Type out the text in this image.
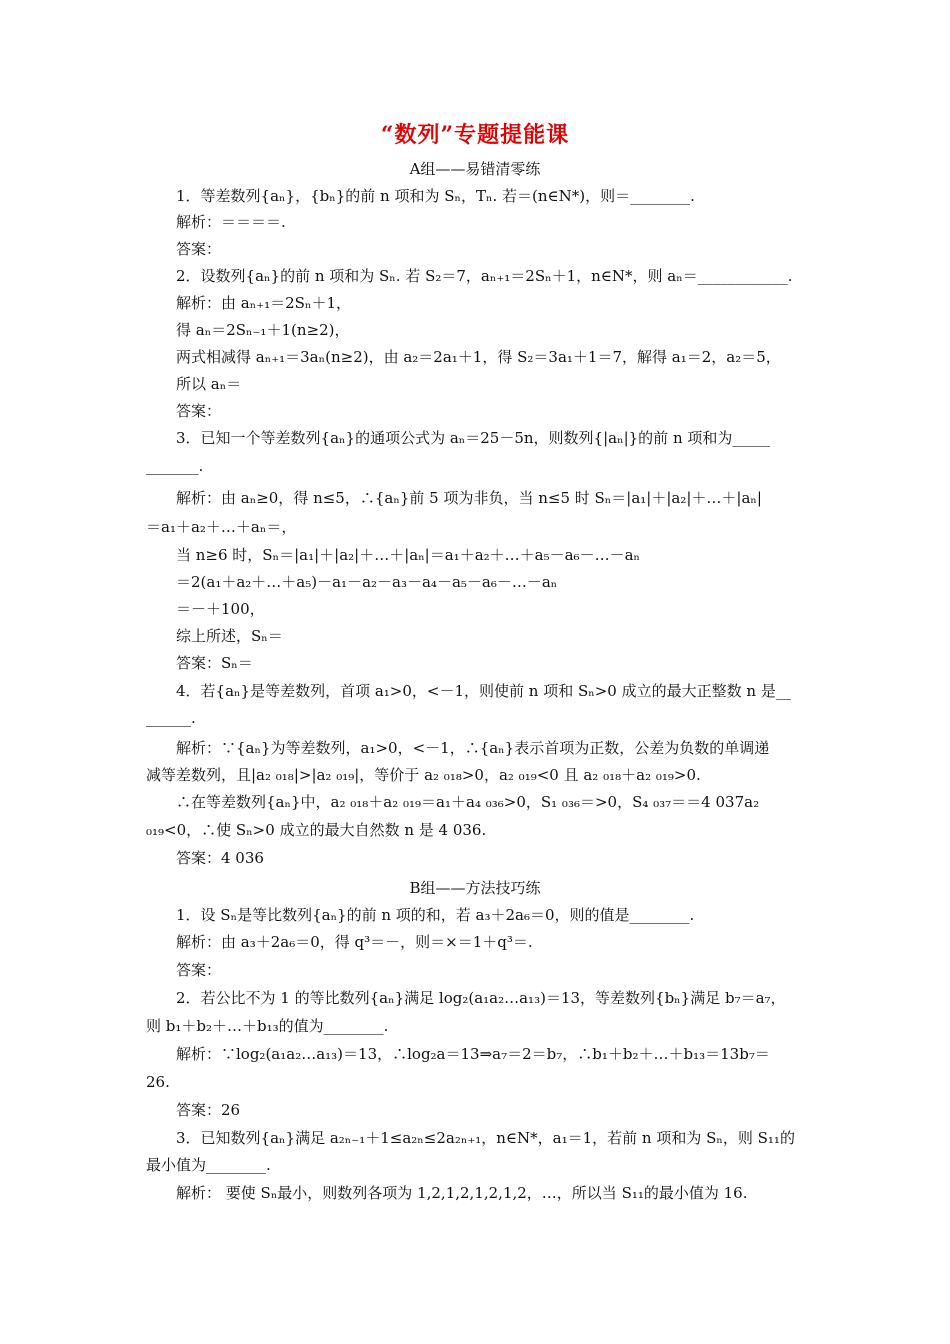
“数列”专题提能课
A组——易错清零练
B组——方法技巧练
1．等差数列{aₙ}，{bₙ}的前 n 项和为 Sₙ，Tₙ. 若＝(n∈N*)，则＝________.
解析：＝＝＝＝.
答案：
2．设数列{aₙ}的前 n 项和为 Sₙ. 若 S₂＝7，aₙ₊₁＝2Sₙ＋1，n∈N*，则 aₙ＝____________.
解析：由 aₙ₊₁＝2Sₙ＋1，
得 aₙ＝2Sₙ₋₁＋1(n≥2)，
两式相减得 aₙ₊₁＝3aₙ(n≥2)，由 a₂＝2a₁＋1，得 S₂＝3a₁＋1＝7，解得 a₁＝2，a₂＝5，
所以 aₙ＝
答案：
3．已知一个等差数列{aₙ}的通项公式为 aₙ＝25－5n，则数列{|aₙ|}的前 n 项和为_____
_______.
解析：由 aₙ≥0，得 n≤5，∴{aₙ}前 5 项为非负，当 n≤5 时 Sₙ＝|a₁|＋|a₂|＋…＋|aₙ|
＝a₁＋a₂＋…＋aₙ＝，
当 n≥6 时，Sₙ＝|a₁|＋|a₂|＋…＋|aₙ|＝a₁＋a₂＋…＋a₅－a₆－…－aₙ
＝2(a₁＋a₂＋…＋a₅)－a₁－a₂－a₃－a₄－a₅－a₆－…－aₙ
＝－＋100，
综上所述，Sₙ＝
答案：Sₙ＝
4．若{aₙ}是等差数列，首项 a₁>0，<－1，则使前 n 项和 Sₙ>0 成立的最大正整数 n 是__
______.
解析：∵{aₙ}为等差数列，a₁>0，<－1，∴{aₙ}表示首项为正数，公差为负数的单调递
减等差数列，且|a₂ ₀₁₈|>|a₂ ₀₁₉|，等价于 a₂ ₀₁₈>0，a₂ ₀₁₉<0 且 a₂ ₀₁₈＋a₂ ₀₁₉>0.
∴在等差数列{aₙ}中，a₂ ₀₁₈＋a₂ ₀₁₉＝a₁＋a₄ ₀₃₆>0，S₁ ₀₃₆＝>0，S₄ ₀₃₇＝＝4 037a₂
₀₁₉<0，∴使 Sₙ>0 成立的最大自然数 n 是 4 036.
答案：4 036
1．设 Sₙ是等比数列{aₙ}的前 n 项的和，若 a₃＋2a₆＝0，则的值是________.
解析：由 a₃＋2a₆＝0，得 q³＝－，则＝×＝1＋q³＝.
答案：
2．若公比不为 1 的等比数列{aₙ}满足 log₂(a₁a₂…a₁₃)＝13，等差数列{bₙ}满足 b₇＝a₇，
则 b₁＋b₂＋…＋b₁₃的值为________.
解析：∵log₂(a₁a₂…a₁₃)＝13，∴log₂a＝13⇒a₇＝2＝b₇，∴b₁＋b₂＋…＋b₁₃＝13b₇＝
26.
答案：26
3．已知数列{aₙ}满足 a₂ₙ₋₁＋1≤a₂ₙ≤2a₂ₙ₊₁，n∈N*，a₁＝1，若前 n 项和为 Sₙ，则 S₁₁的
最小值为________.
解析： 要使 Sₙ最小，则数列各项为 1,2,1,2,1,2,1,2，…，所以当 S₁₁的最小值为 16.
